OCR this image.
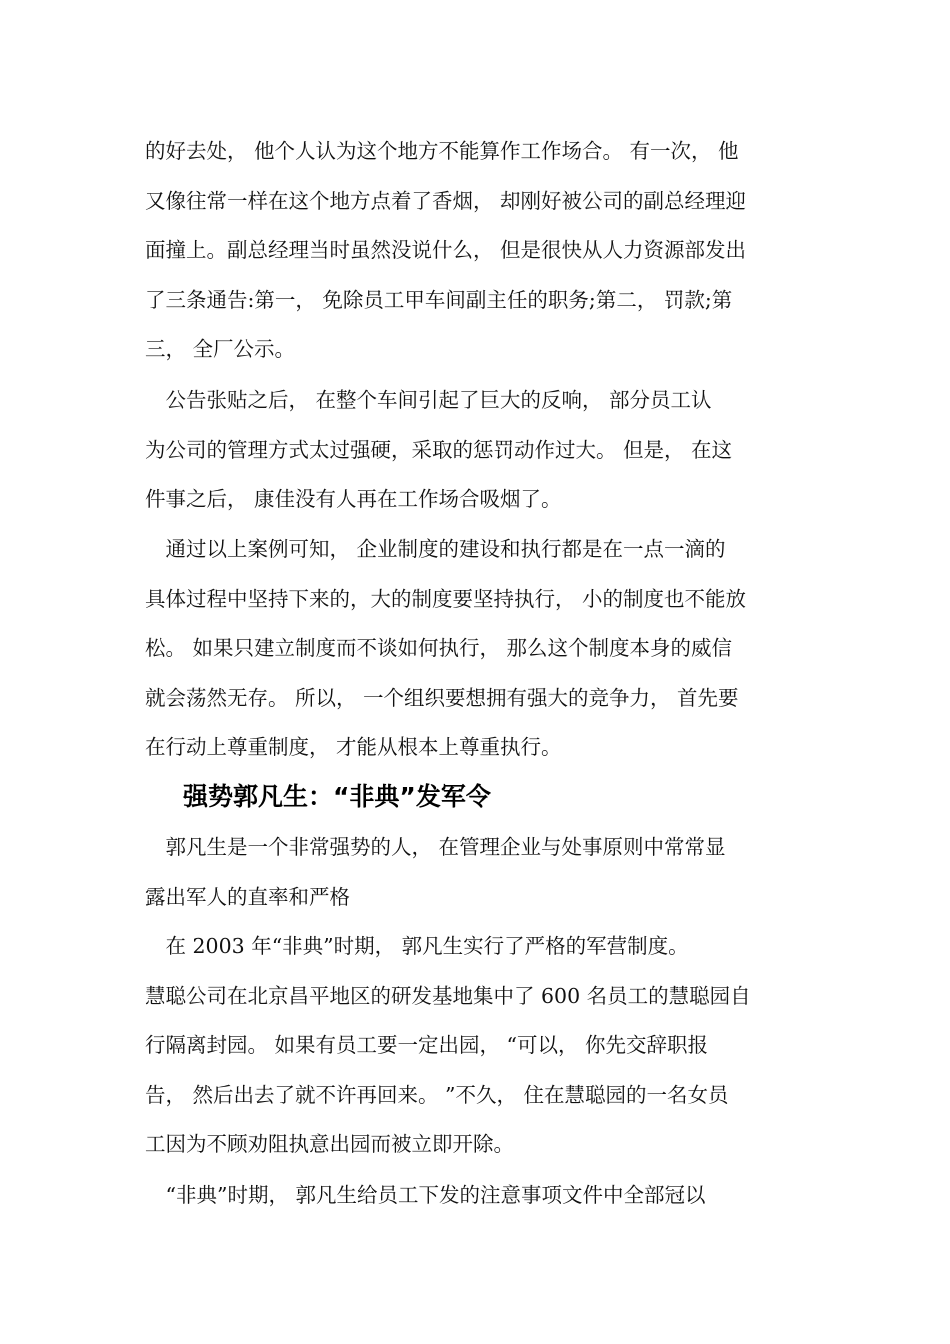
的好去处， 他个人认为这个地方不能算作工作场合。 有一次， 他
又像往常一样在这个地方点着了香烟， 却刚好被公司的副总经理迎
面撞上。副总经理当时虽然没说什么， 但是很快从人力资源部发出
了三条通告:第一， 免除员工甲车间副主任的职务;第二， 罚款;第
三， 全厂公示。
　公告张贴之后， 在整个车间引起了巨大的反响， 部分员工认
为公司的管理方式太过强硬，采取的惩罚动作过大。 但是， 在这
件事之后， 康佳没有人再在工作场合吸烟了。
　通过以上案例可知， 企业制度的建设和执行都是在一点一滴的
具体过程中坚持下来的，大的制度要坚持执行， 小的制度也不能放
松。 如果只建立制度而不谈如何执行， 那么这个制度本身的威信
就会荡然无存。 所以， 一个组织要想拥有强大的竞争力， 首先要
在行动上尊重制度， 才能从根本上尊重执行。
强势郭凡生：“非典”发军令
　郭凡生是一个非常强势的人， 在管理企业与处事原则中常常显
露出军人的直率和严格
　在 2003 年“非典”时期， 郭凡生实行了严格的军营制度。
慧聪公司在北京昌平地区的研发基地集中了 600 名员工的慧聪园自
行隔离封园。 如果有员工要一定出园， “可以， 你先交辞职报
告， 然后出去了就不许再回来。 ”不久， 住在慧聪园的一名女员
工因为不顾劝阻执意出园而被立即开除。
　“非典”时期， 郭凡生给员工下发的注意事项文件中全部冠以
